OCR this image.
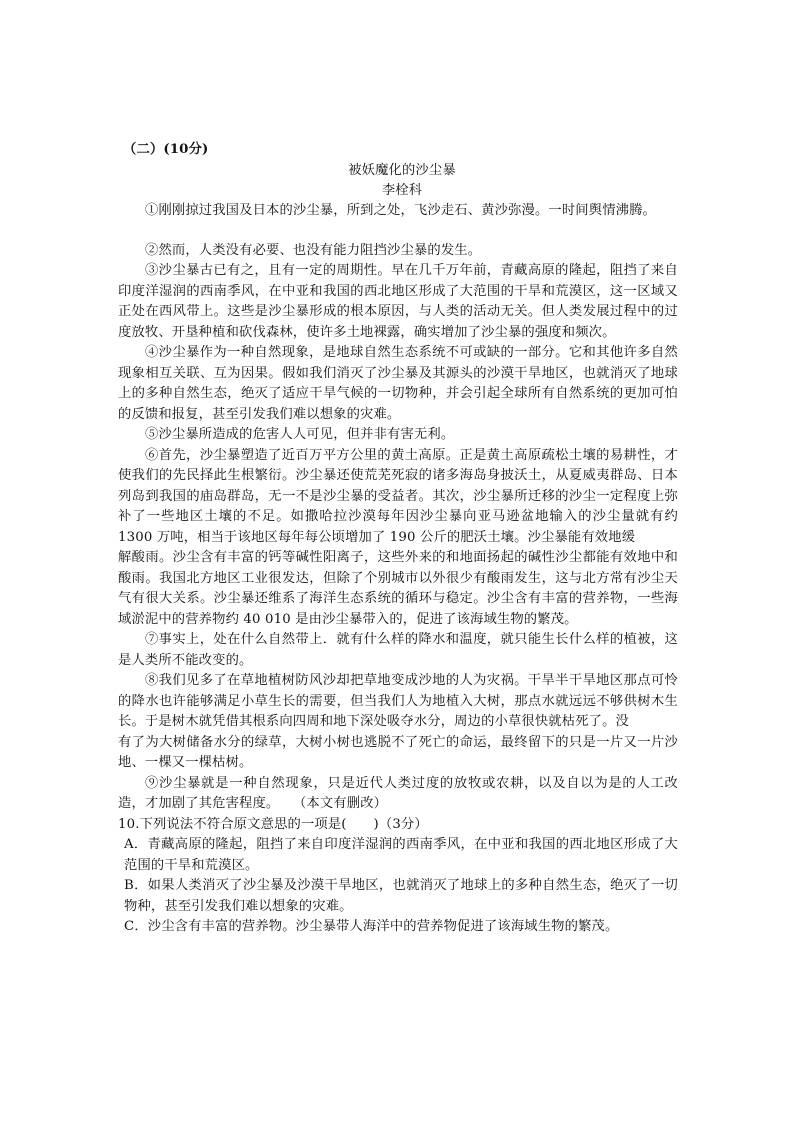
（二）(10分)

被妖魔化的沙尘暴

李栓科

①刚刚掠过我国及日本的沙尘暴，所到之处，飞沙走石、黄沙弥漫。一时间舆情沸腾。

②然而，人类没有必要、也没有能力阻挡沙尘暴的发生。

③沙尘暴古已有之，且有一定的周期性。早在几千万年前，青藏高原的隆起，阻挡了来自印度洋湿润的西南季风，在中亚和我国的西北地区形成了大范围的干旱和荒漠区，这一区域又正处在西风带上。这些是沙尘暴形成的根本原因，与人类的活动无关。但人类发展过程中的过度放牧、开垦种植和砍伐森林，使许多土地裸露，确实增加了沙尘暴的强度和频次。

④沙尘暴作为一种自然现象，是地球自然生态系统不可或缺的一部分。它和其他许多自然现象相互关联、互为因果。假如我们消灭了沙尘暴及其源头的沙漠干旱地区，也就消灭了地球上的多种自然生态，绝灭了适应干旱气候的一切物种，并会引起全球所有自然系统的更加可怕的反馈和报复，甚至引发我们难以想象的灾难。

⑤沙尘暴所造成的危害人人可见，但并非有害无利。

⑥首先，沙尘暴塑造了近百万平方公里的黄土高原。正是黄土高原疏松土壤的易耕性，才使我们的先民择此生根繁衍。沙尘暴还使荒芜死寂的诸多海岛身披沃土，从夏威夷群岛、日本列岛到我国的庙岛群岛，无一不是沙尘暴的受益者。其次，沙尘暴所迁移的沙尘一定程度上弥补了一些地区土壤的不足。如撒哈拉沙漠每年因沙尘暴向亚马逊盆地输入的沙尘量就有约 1300 万吨，相当于该地区每年每公顷增加了 190 公斤的肥沃土壤。沙尘暴能有效地缓

解酸雨。沙尘含有丰富的钙等碱性阳离子，这些外来的和地面扬起的碱性沙尘都能有效地中和酸雨。我国北方地区工业很发达，但除了个别城市以外很少有酸雨发生，这与北方常有沙尘天气有很大关系。沙尘暴还维系了海洋生态系统的循环与稳定。沙尘含有丰富的营养物，一些海域淤泥中的营养物约 40 010 是由沙尘暴带入的，促进了该海域生物的繁茂。

⑦事实上，处在什么自然带上．就有什么样的降水和温度，就只能生长什么样的植被，这是人类所不能改变的。

⑧我们见多了在草地植树防风沙却把草地变成沙地的人为灾祸。干旱半干旱地区那点可怜的降水也许能够满足小草生长的需要，但当我们人为地植入大树，那点水就远远不够供树木生长。于是树木就凭借其根系向四周和地下深处吸夺水分，周边的小草很快就枯死了。没

有了为大树储备水分的绿草，大树小树也逃脱不了死亡的命运，最终留下的只是一片又一片沙地、一棵又一棵枯树。

⑨沙尘暴就是一种自然现象，只是近代人类过度的放牧或农耕，以及自以为是的人工改造，才加剧了其危害程度。　　（本文有删改）

10.下列说法不符合原文意思的一项是(　　)（3分）

A．青藏高原的隆起，阻挡了来自印度洋湿润的西南季风，在中亚和我国的西北地区形成了大范围的干旱和荒漠区。

B．如果人类消灭了沙尘暴及沙漠干旱地区，也就消灭了地球上的多种自然生态，绝灭了一切物种，甚至引发我们难以想象的灾难。

C．沙尘含有丰富的营养物。沙尘暴带人海洋中的营养物促进了该海域生物的繁茂。
